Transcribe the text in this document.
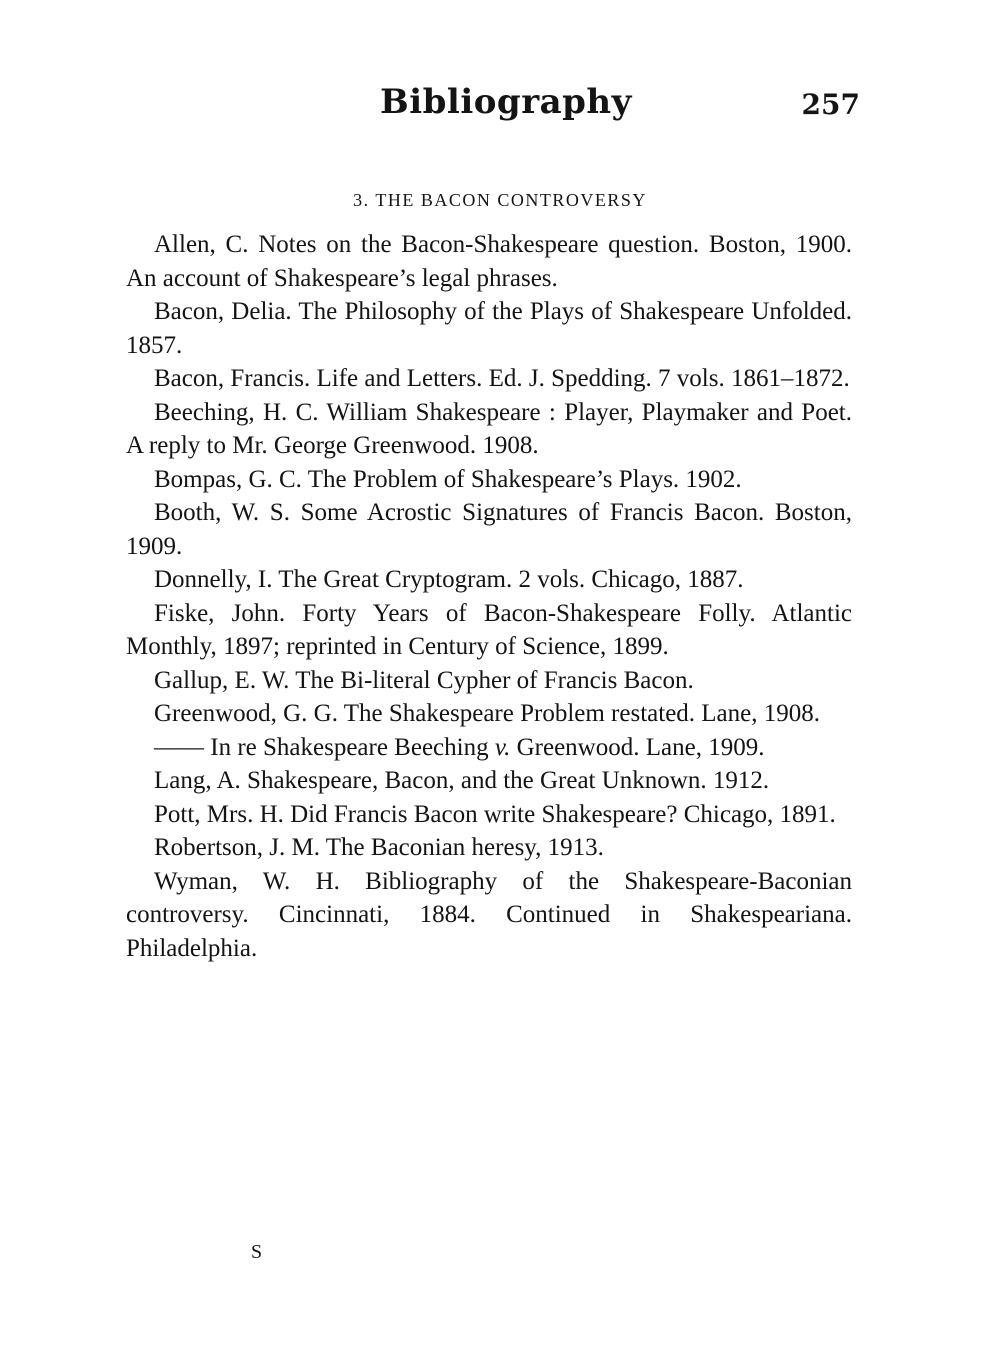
Bibliography	257
3. THE BACON CONTROVERSY

Allen, C. Notes on the Bacon-Shakespeare question. Boston, 1900. An account of Shakespeare’s legal phrases.

Bacon, Delia. The Philosophy of the Plays of Shakespeare Unfolded. 1857.

Bacon, Francis. Life and Letters. Ed. J. Spedding. 7 vols. 1861–1872.

Beeching, H. C. William Shakespeare : Player, Playmaker and Poet. A reply to Mr. George Greenwood. 1908.

Bompas, G. C. The Problem of Shakespeare’s Plays. 1902.

Booth, W. S. Some Acrostic Signatures of Francis Bacon. Boston, 1909.

Donnelly, I. The Great Cryptogram. 2 vols. Chicago, 1887.

Fiske, John. Forty Years of Bacon-Shakespeare Folly. Atlantic Monthly, 1897; reprinted in Century of Science, 1899.

Gallup, E. W. The Bi-literal Cypher of Francis Bacon.

Greenwood, G. G. The Shakespeare Problem restated. Lane, 1908.

—— In re Shakespeare Beeching v. Greenwood. Lane, 1909.

Lang, A. Shakespeare, Bacon, and the Great Unknown. 1912.

Pott, Mrs. H. Did Francis Bacon write Shakespeare? Chicago, 1891.

Robertson, J. M. The Baconian heresy, 1913.

Wyman, W. H. Bibliography of the Shakespeare-Baconian controversy. Cincinnati, 1884. Continued in Shakespeariana. Philadelphia.

S
